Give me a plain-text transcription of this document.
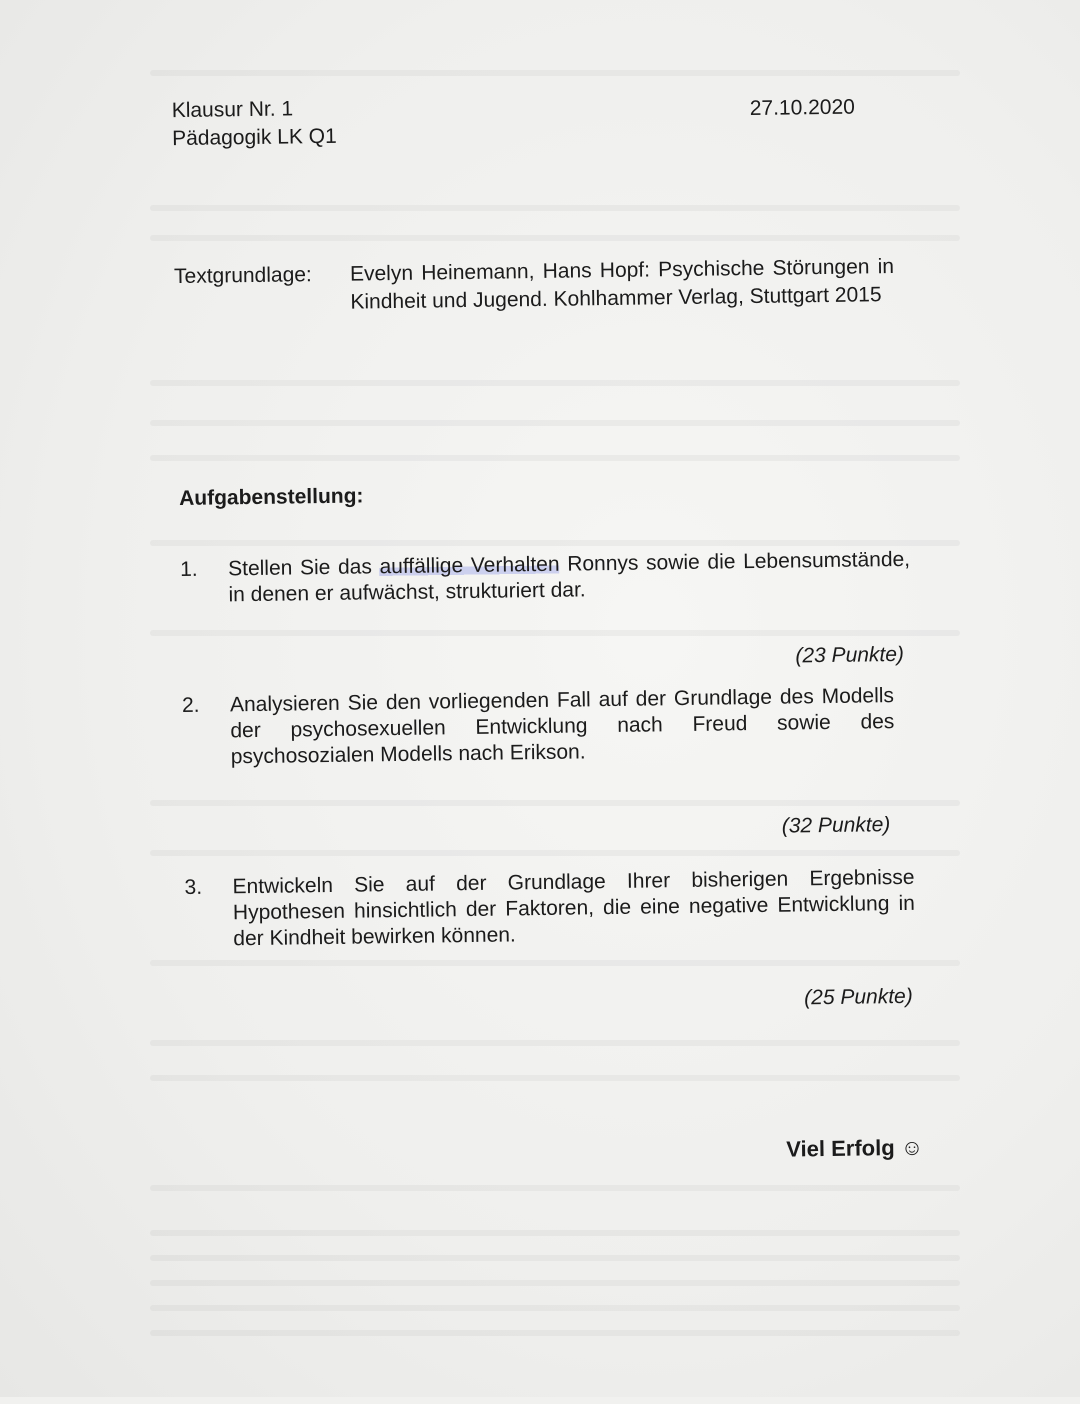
Klausur Nr. 1
Pädagogik LK Q1
27.10.2020
Textgrundlage: Evelyn Heinemann, Hans Hopf: Psychische Störungen in Kindheit und Jugend. Kohlhammer Verlag, Stuttgart 2015
Aufgabenstellung:
1.	Stellen Sie das auffällige Verhalten Ronnys sowie die Lebensumstände, in denen er aufwächst, strukturiert dar.
(23 Punkte)
2.	Analysieren Sie den vorliegenden Fall auf der Grundlage des Modells der psychosexuellen Entwicklung nach Freud sowie des psychosozialen Modells nach Erikson.
(32 Punkte)
3.	Entwickeln Sie auf der Grundlage Ihrer bisherigen Ergebnisse Hypothesen hinsichtlich der Faktoren, die eine negative Entwicklung in der Kindheit bewirken können.
(25 Punkte)
Viel Erfolg ☺
